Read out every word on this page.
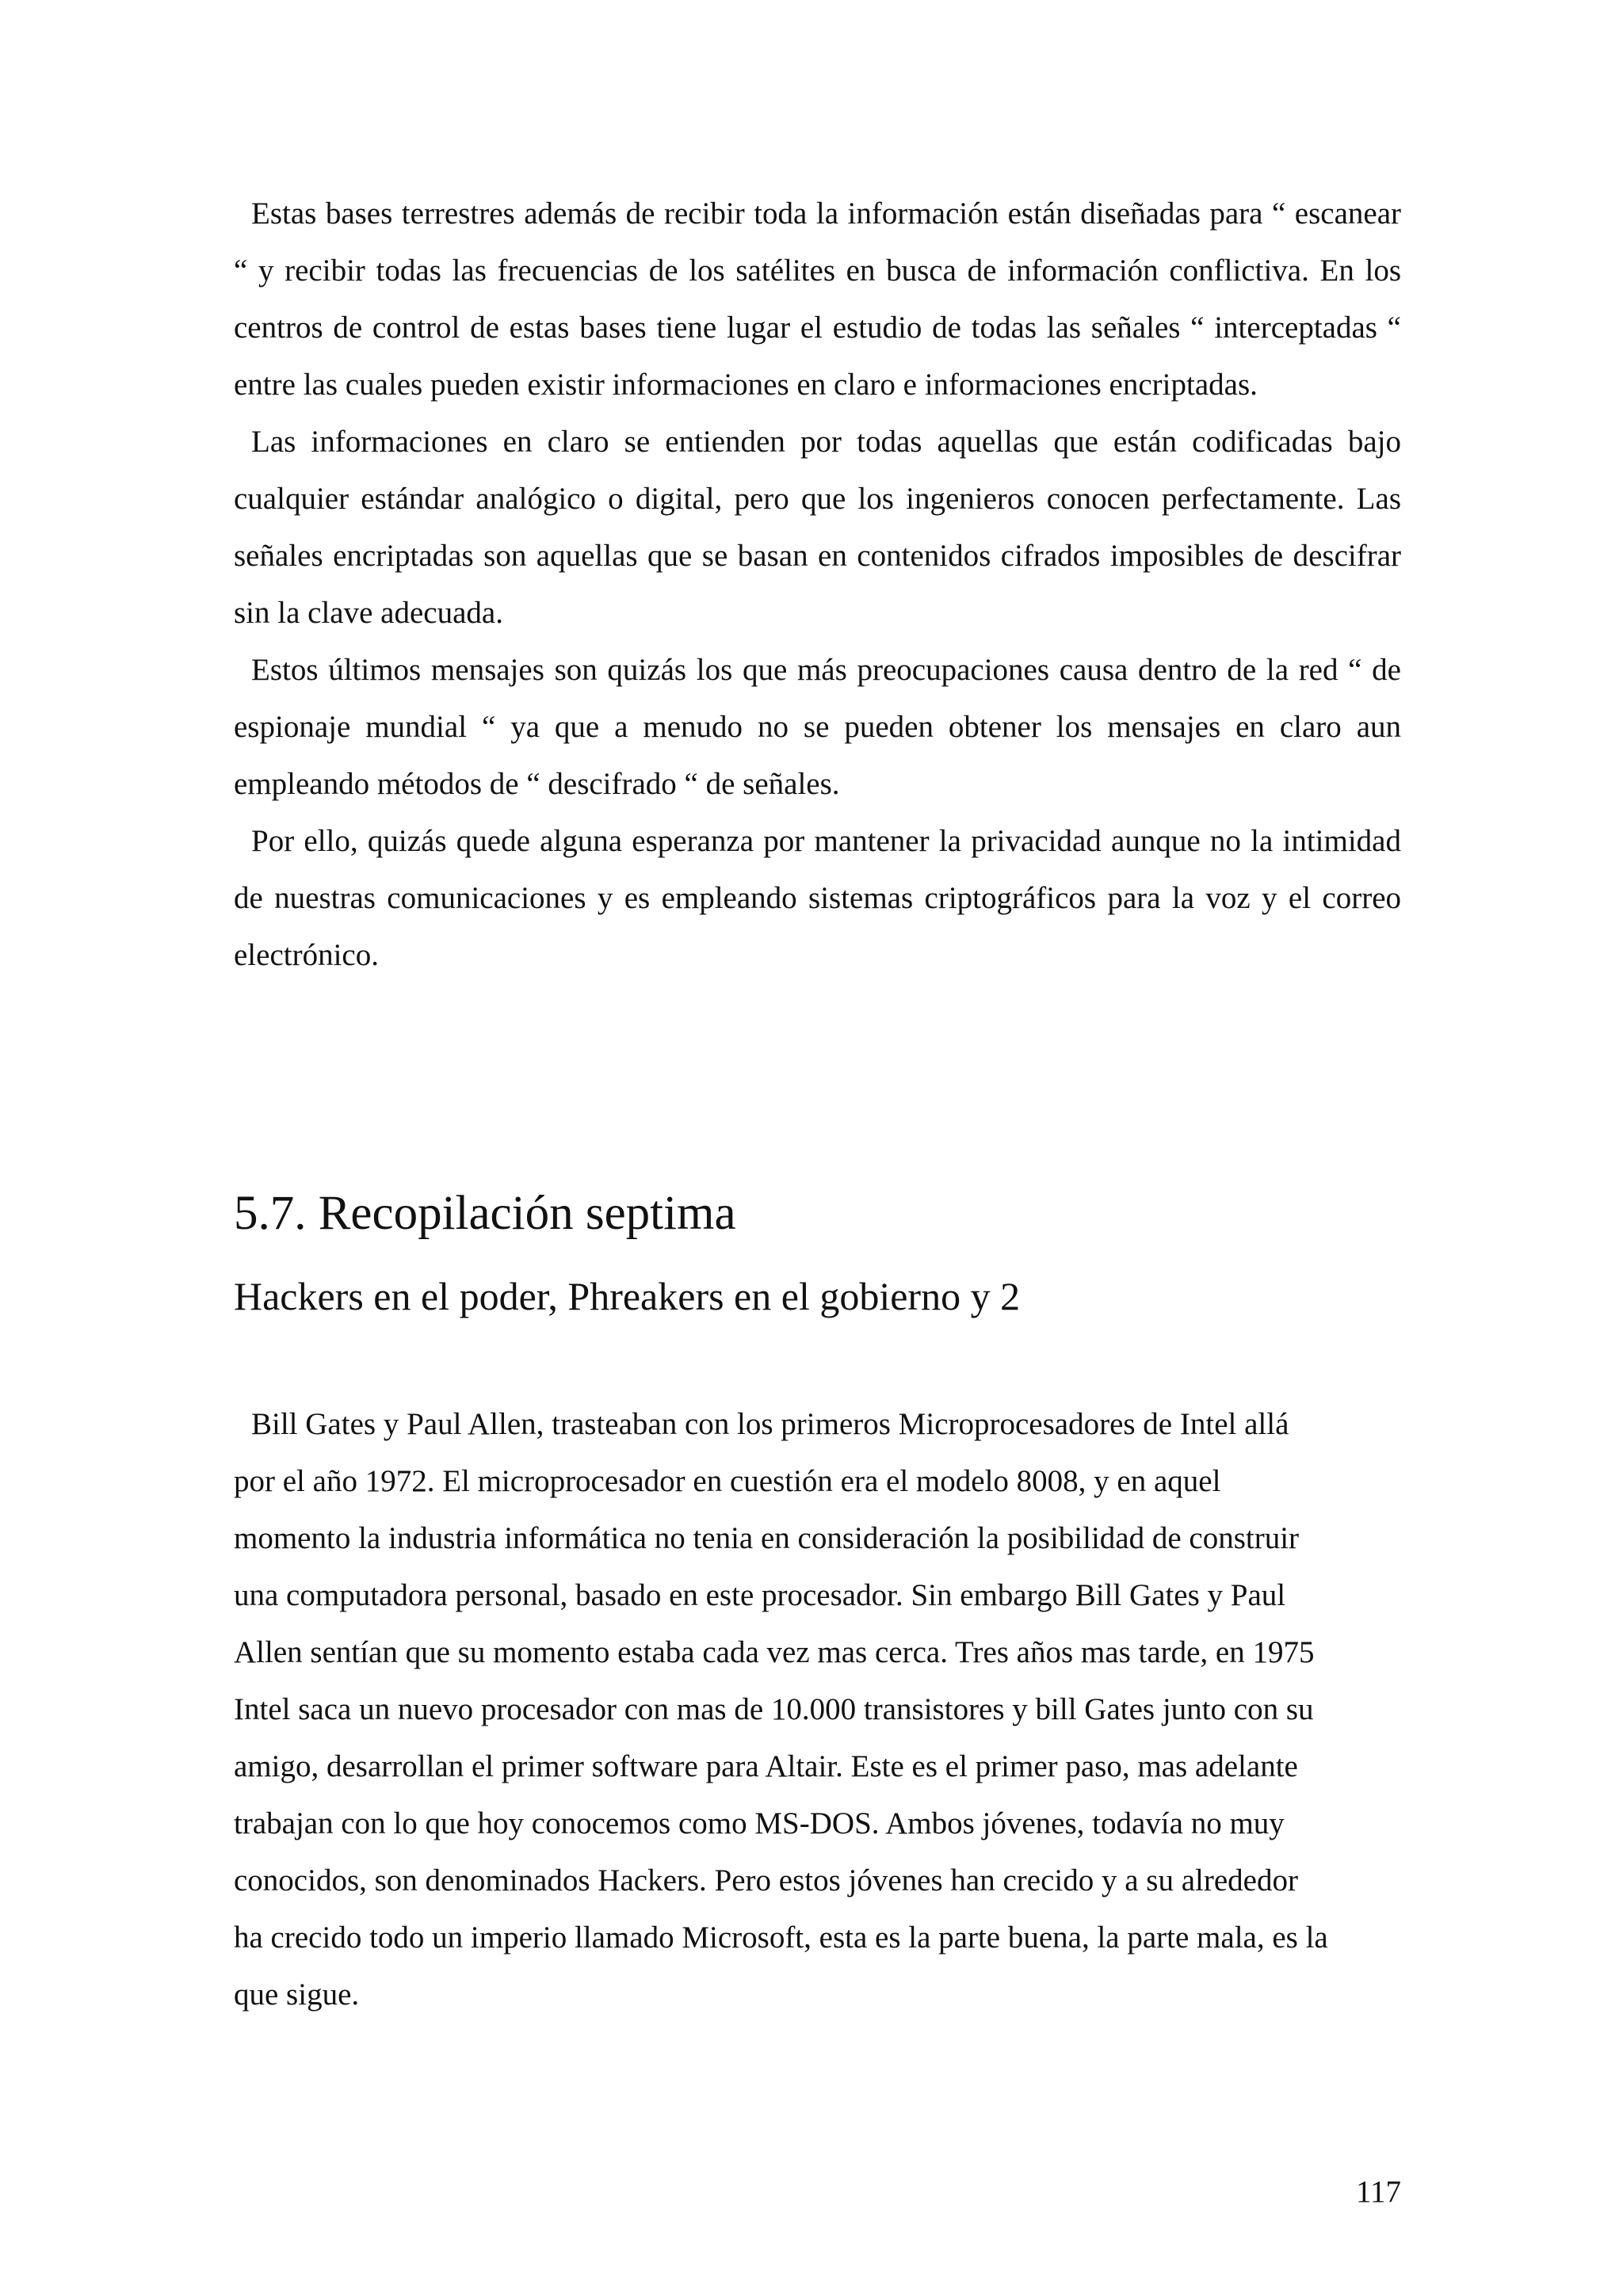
Estas bases terrestres además de recibir toda la información están diseñadas para “ escanear “ y recibir todas las frecuencias de los satélites en busca de información conflictiva. En los centros de control de estas bases tiene lugar el estudio de todas las señales “ interceptadas “ entre las cuales pueden existir informaciones en claro e informaciones encriptadas.

Las informaciones en claro se entienden por todas aquellas que están codificadas bajo cualquier estándar analógico o digital, pero que los ingenieros conocen perfectamente. Las señales encriptadas son aquellas que se basan en contenidos cifrados imposibles de descifrar sin la clave adecuada.

Estos últimos mensajes son quizás los que más preocupaciones causa dentro de la red “ de espionaje mundial “ ya que a menudo no se pueden obtener los mensajes en claro aun empleando métodos de “ descifrado “ de señales.

Por ello, quizás quede alguna esperanza por mantener la privacidad aunque no la intimidad de nuestras comunicaciones y es empleando sistemas criptográficos para la voz y el correo electrónico.

5.7. Recopilación septima
Hackers en el poder, Phreakers en el gobierno y 2
Bill Gates y Paul Allen, trasteaban con los primeros Microprocesadores de Intel allá
por el año 1972. El microprocesador en cuestión era el modelo 8008, y en aquel
momento la industria informática no tenia en consideración la posibilidad de construir
una computadora personal, basado en este procesador. Sin embargo Bill Gates y Paul
Allen sentían que su momento estaba cada vez mas cerca. Tres años mas tarde, en 1975
Intel saca un nuevo procesador con mas de 10.000 transistores y bill Gates junto con su
amigo, desarrollan el primer software para Altair. Este es el primer paso, mas adelante
trabajan con lo que hoy conocemos como MS-DOS. Ambos jóvenes, todavía no muy
conocidos, son denominados Hackers. Pero estos jóvenes han crecido y a su alrededor
ha crecido todo un imperio llamado Microsoft, esta es la parte buena, la parte mala, es la
que sigue.
117
